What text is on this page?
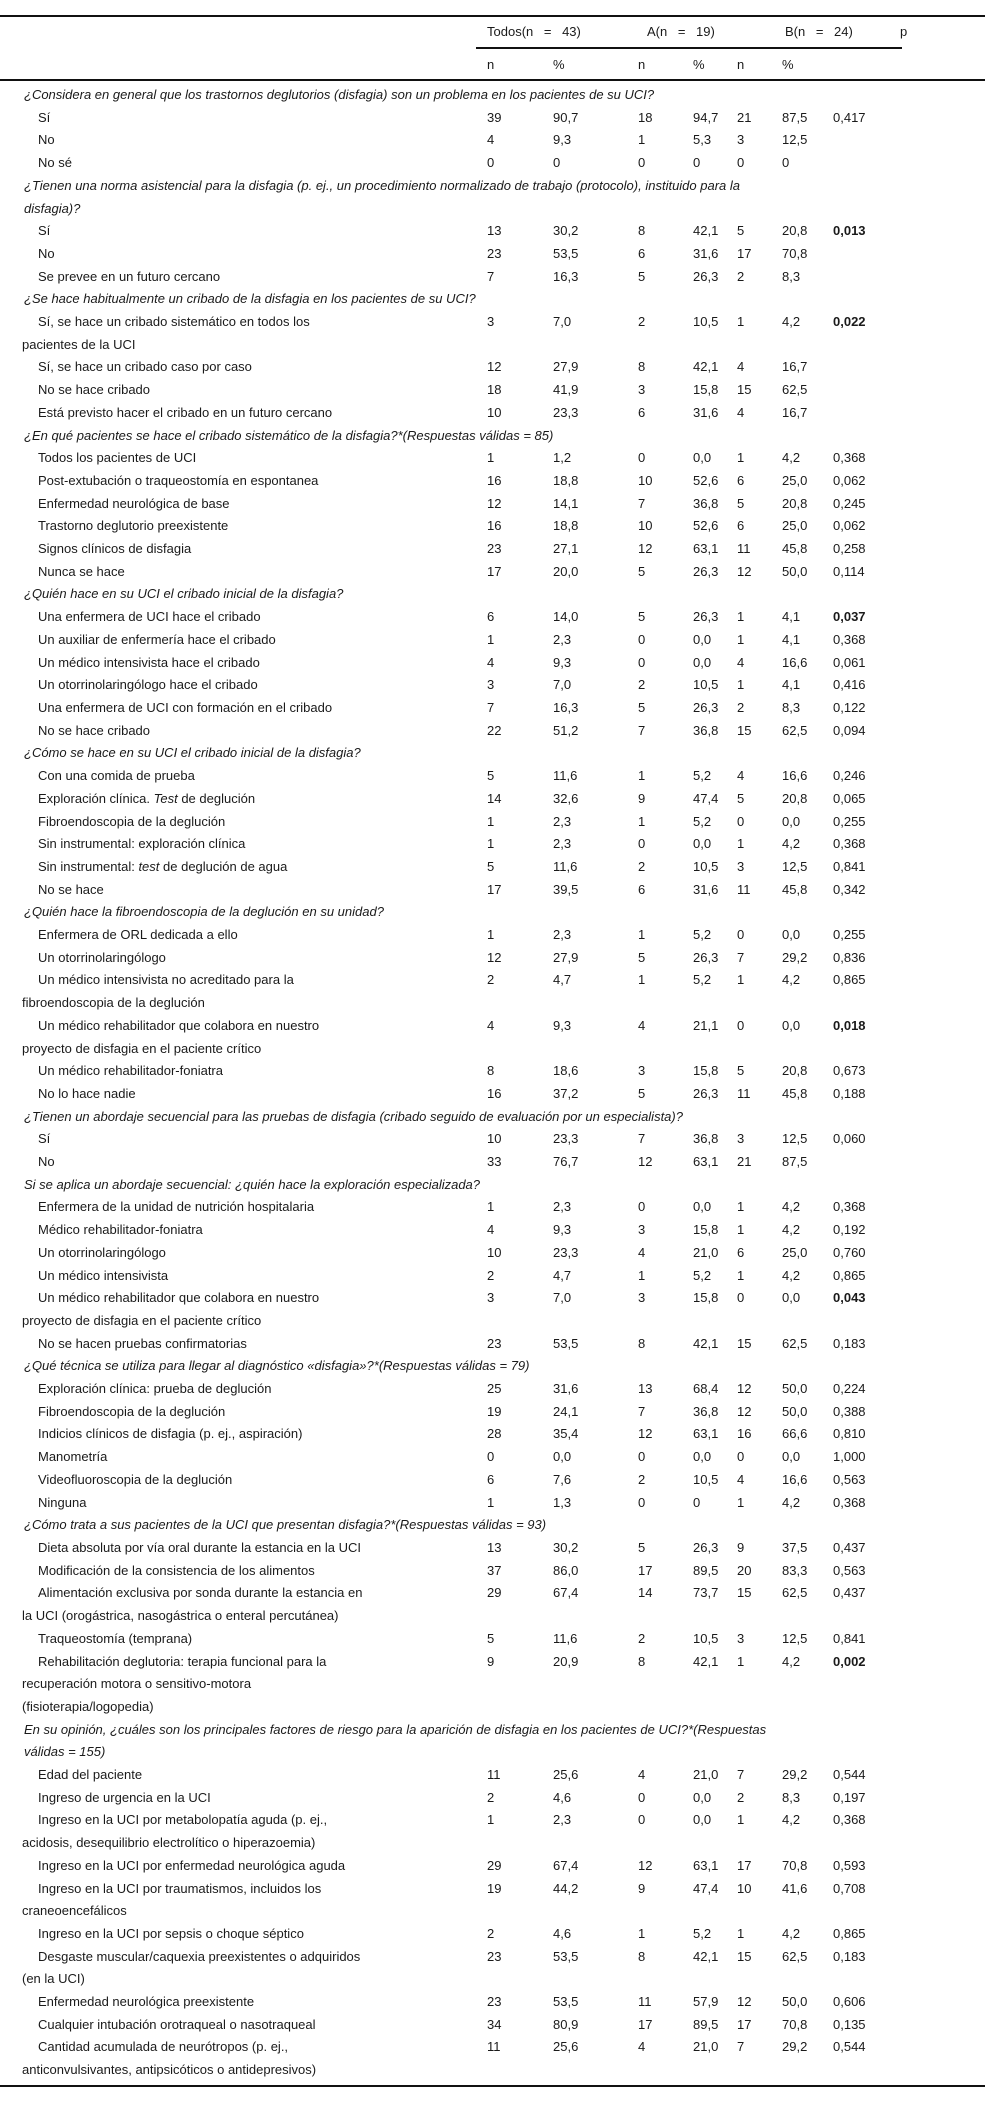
Todos(n = 43)	A(n = 19)	B(n = 24)	p
n	%	n	% n	%
¿Considera en general que los trastornos deglutorios (disfagia) son un problema en los pacientes de su UCI?
Sí	39	90,7	18	94,7	21	87,5	0,417
No	4	9,3	1	5,3	3	12,5
No sé	0	0	0	0	0	0
¿Tienen una norma asistencial para la disfagia (p. ej., un procedimiento normalizado de trabajo (protocolo), instituido para la
disfagia)?
Sí	13	30,2	8	42,1	5	20,8	0,013
No	23	53,5	6	31,6	17	70,8
Se prevee en un futuro cercano	7	16,3	5	26,3	2	8,3
¿Se hace habitualmente un cribado de la disfagia en los pacientes de su UCI?
Sí, se hace un cribado sistemático en todos los
pacientes de la UCI
3	7,0	2	10,5	1	4,2	0,022
Sí, se hace un cribado caso por caso	12	27,9	8	42,1	4	16,7
No se hace cribado	18	41,9	3	15,8	15	62,5
Está previsto hacer el cribado en un futuro cercano	10	23,3	6	31,6	4	16,7
¿En qué pacientes se hace el cribado sistemático de la disfagia?*(Respuestas válidas = 85)
Todos los pacientes de UCI	1	1,2	0	0,0	1	4,2	0,368
Post-extubación o traqueostomía en espontanea	16	18,8	10	52,6	6	25,0	0,062
Enfermedad neurológica de base	12	14,1	7	36,8	5	20,8	0,245
Trastorno deglutorio preexistente	16	18,8	10	52,6	6	25,0	0,062
Signos clínicos de disfagia	23	27,1	12	63,1	11	45,8	0,258
Nunca se hace	17	20,0	5	26,3	12	50,0	0,114
¿Quién hace en su UCI el cribado inicial de la disfagia?
Una enfermera de UCI hace el cribado	6	14,0	5	26,3	1	4,1	0,037
Un auxiliar de enfermería hace el cribado	1	2,3	0	0,0	1	4,1	0,368
Un médico intensivista hace el cribado	4	9,3	0	0,0	4	16,6	0,061
Un otorrinolaringólogo hace el cribado	3	7,0	2	10,5	1	4,1	0,416
Una enfermera de UCI con formación en el cribado	7	16,3	5	26,3	2	8,3	0,122
No se hace cribado	22	51,2	7	36,8	15	62,5	0,094
¿Cómo se hace en su UCI el cribado inicial de la disfagia?
Con una comida de prueba	5	11,6	1	5,2	4	16,6	0,246
Exploración clínica. Test de deglución	14	32,6	9	47,4	5	20,8	0,065
Fibroendoscopia de la deglución	1	2,3	1	5,2	0	0,0	0,255
Sin instrumental: exploración clínica	1	2,3	0	0,0	1	4,2	0,368
Sin instrumental: test de deglución de agua	5	11,6	2	10,5	3	12,5	0,841
No se hace	17	39,5	6	31,6	11	45,8	0,342
¿Quién hace la fibroendoscopia de la deglución en su unidad?
Enfermera de ORL dedicada a ello	1	2,3	1	5,2	0	0,0	0,255
Un otorrinolaringólogo	12	27,9	5	26,3	7	29,2	0,836
Un médico intensivista no acreditado para la
fibroendoscopia de la deglución
2	4,7	1	5,2	1	4,2	0,865
Un médico rehabilitador que colabora en nuestro
proyecto de disfagia en el paciente crítico
4	9,3	4	21,1	0	0,0	0,018
Un médico rehabilitador-foniatra	8	18,6	3	15,8	5	20,8	0,673
No lo hace nadie	16	37,2	5	26,3	11	45,8	0,188
¿Tienen un abordaje secuencial para las pruebas de disfagia (cribado seguido de evaluación por un especialista)?
Sí	10	23,3	7	36,8	3	12,5	0,060
No	33	76,7	12	63,1	21	87,5
Si se aplica un abordaje secuencial: ¿quién hace la exploración especializada?
Enfermera de la unidad de nutrición hospitalaria	1	2,3	0	0,0	1	4,2	0,368
Médico rehabilitador-foniatra	4	9,3	3	15,8	1	4,2	0,192
Un otorrinolaringólogo	10	23,3	4	21,0	6	25,0	0,760
Un médico intensivista	2	4,7	1	5,2	1	4,2	0,865
Un médico rehabilitador que colabora en nuestro
proyecto de disfagia en el paciente crítico
3	7,0	3	15,8	0	0,0	0,043
No se hacen pruebas confirmatorias	23	53,5	8	42,1	15	62,5	0,183
¿Qué técnica se utiliza para llegar al diagnóstico «disfagia»?*(Respuestas válidas = 79)
Exploración clínica: prueba de deglución	25	31,6	13	68,4	12	50,0	0,224
Fibroendoscopia de la deglución	19	24,1	7	36,8	12	50,0	0,388
Indicios clínicos de disfagia (p. ej., aspiración)	28	35,4	12	63,1	16	66,6	0,810
Manometría	0	0,0	0	0,0	0	0,0	1,000
Videofluoroscopia de la deglución	6	7,6	2	10,5	4	16,6	0,563
Ninguna	1	1,3	0	0	1	4,2	0,368
¿Cómo trata a sus pacientes de la UCI que presentan disfagia?*(Respuestas válidas = 93)
Dieta absoluta por vía oral durante la estancia en la UCI	13	30,2	5	26,3	9	37,5	0,437
Modificación de la consistencia de los alimentos	37	86,0	17	89,5	20	83,3	0,563
Alimentación exclusiva por sonda durante la estancia en
la UCI (orogástrica, nasogástrica o enteral percutánea)
29	67,4	14	73,7	15	62,5	0,437
Traqueostomía (temprana)	5	11,6	2	10,5	3	12,5	0,841
Rehabilitación deglutoria: terapia funcional para la
recuperación motora o sensitivo-motora
(fisioterapia/logopedia)
9	20,9	8	42,1	1	4,2	0,002
En su opinión, ¿cuáles son los principales factores de riesgo para la aparición de disfagia en los pacientes de UCI?*(Respuestas
válidas = 155)
Edad del paciente	11	25,6	4	21,0	7	29,2	0,544
Ingreso de urgencia en la UCI	2	4,6	0	0,0	2	8,3	0,197
Ingreso en la UCI por metabolopatía aguda (p. ej.,
acidosis, desequilibrio electrolítico o hiperazoemia)
1	2,3	0	0,0	1	4,2	0,368
Ingreso en la UCI por enfermedad neurológica aguda	29	67,4	12	63,1	17	70,8	0,593
Ingreso en la UCI por traumatismos, incluidos los
craneoencefálicos
19	44,2	9	47,4	10	41,6	0,708
Ingreso en la UCI por sepsis o choque séptico	2	4,6	1	5,2	1	4,2	0,865
Desgaste muscular/caquexia preexistentes o adquiridos
(en la UCI)
23	53,5	8	42,1	15	62,5	0,183
Enfermedad neurológica preexistente	23	53,5	11	57,9	12	50,0	0,606
Cualquier intubación orotraqueal o nasotraqueal	34	80,9	17	89,5	17	70,8	0,135
Cantidad acumulada de neurótropos (p. ej.,
anticonvulsivantes, antipsicóticos o antidepresivos)
11	25,6	4	21,0	7	29,2	0,544
